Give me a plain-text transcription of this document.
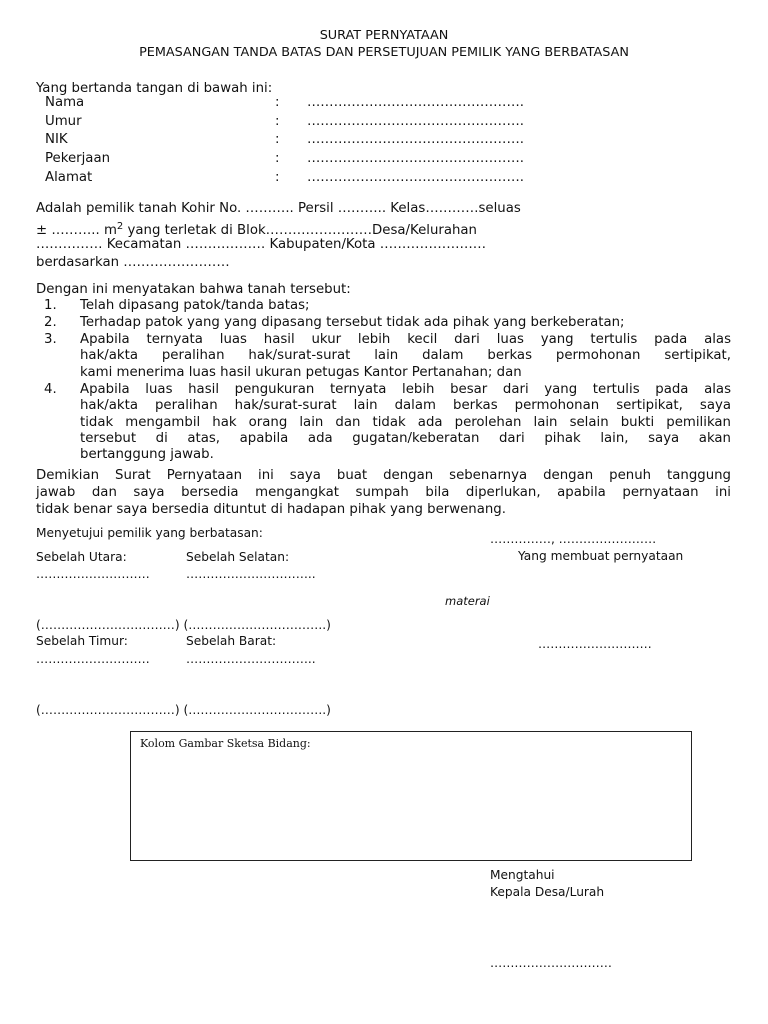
SURAT PERNYATAAN
PEMASANGAN TANDA BATAS DAN PERSETUJUAN PEMILIK YANG BERBATASAN
Yang bertanda tangan di bawah ini:
Nama	: ………………………………………….
Umur	: ………………………………………….
NIK	: ………………………………………….
Pekerjaan	: ………………………………………….
Alamat	: ………………………………………….
Adalah pemilik tanah Kohir No. ……….. Persil ……….. Kelas…………seluas
± ……….. $m^2$ yang terletak di Blok……………………Desa/Kelurahan
…………… Kecamatan ……………… Kabupaten/Kota ……………………
berdasarkan ……………………
Dengan ini menyatakan bahwa tanah tersebut:
1. Telah dipasang patok/tanda batas;
2. Terhadap patok yang yang dipasang tersebut tidak ada pihak yang berkeberatan;
3. Apabila ternyata luas hasil ukur lebih kecil dari luas yang tertulis pada alas
hak/akta peralihan hak/surat-surat lain dalam berkas permohonan sertipikat,
kami menerima luas hasil ukuran petugas Kantor Pertanahan; dan
4. Apabila luas hasil pengukuran ternyata lebih besar dari yang tertulis pada alas
hak/akta peralihan hak/surat-surat lain dalam berkas permohonan sertipikat, saya
tidak mengambil hak orang lain dan tidak ada perolehan lain selain bukti pemilikan
tersebut di atas, apabila ada gugatan/keberatan dari pihak lain, saya akan
bertanggung jawab.
Demikian Surat Pernyataan ini saya buat dengan sebenarnya dengan penuh tanggung
jawab dan saya bersedia mengangkat sumpah bila diperlukan, apabila pernyataan ini
tidak benar saya bersedia dituntut di hadapan pihak yang berwenang.
Menyetujui pemilik yang berbatasan:	……………, ……………………
Yang membuat pernyataan
Sebelah Utara:	Sebelah Selatan:
……………………….	…………………………..
materai
(……………………………) (…………………………….)
Sebelah Timur:	Sebelah Barat:	……………………….
……………………….	…………………………..
(……………………………) (…………………………….)
Kolom Gambar Sketsa Bidang:
Mengtahui
Kepala Desa/Lurah
…………………………
